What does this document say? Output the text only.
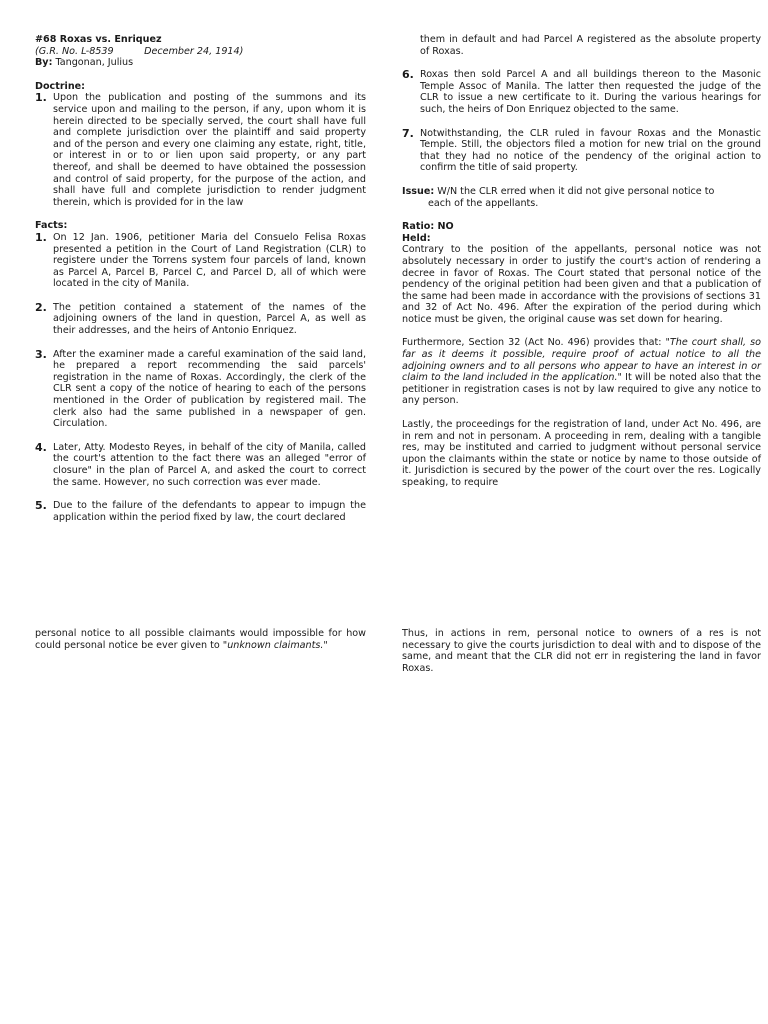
#68 Roxas vs. Enriquez

(G.R. No. L-8539          December 24, 1914)

By: Tangonan, Julius

Doctrine:

1. Upon the publication and posting of the summons and its service upon and mailing to the person, if any, upon whom it is herein directed to be specially served, the court shall have full and complete jurisdiction over the plaintiff and said property and of the person and every one claiming any estate, right, title, or interest in or to or lien upon said property, or any part thereof, and shall be deemed to have obtained the possession and control of said property, for the purpose of the action, and shall have full and complete jurisdiction to render judgment therein, which is provided for in the law

Facts:

1. On 12 Jan. 1906, petitioner Maria del Consuelo Felisa Roxas presented a petition in the Court of Land Registration (CLR) to registere under the Torrens system four parcels of land, known as Parcel A, Parcel B, Parcel C, and Parcel D, all of which were located in the city of Manila.
2. The petition contained a statement of the names of the adjoining owners of the land in question, Parcel A, as well as their addresses, and the heirs of Antonio Enriquez.
3. After the examiner made a careful examination of the said land, he prepared a report recommending the said parcels' registration in the name of Roxas. Accordingly, the clerk of the CLR sent a copy of the notice of hearing to each of the persons mentioned in the Order of publication by registered mail. The clerk also had the same published in a newspaper of gen. Circulation.
4. Later, Atty. Modesto Reyes, in behalf of the city of Manila, called the court's attention to the fact there was an alleged "error of closure" in the plan of Parcel A, and asked the court to correct the same. However, no such correction was ever made.
5. Due to the failure of the defendants to appear to impugn the application within the period fixed by law, the court declared
them in default and had Parcel A registered as the absolute property of Roxas.
6. Roxas then sold Parcel A and all buildings thereon to the Masonic Temple Assoc of Manila. The latter then requested the judge of the CLR to issue a new certificate to it. During the various hearings for such, the heirs of Don Enriquez objected to the same.
7. Notwithstanding, the CLR ruled in favour Roxas and the Monastic Temple. Still, the objectors filed a motion for new trial on the ground that they had no notice of the pendency of the original action to confirm the title of said property.
Issue: W/N the CLR erred when it did not give personal notice to
each of the appellants.

Ratio: NO

Held:

Contrary to the position of the appellants, personal notice was not absolutely necessary in order to justify the court's action of rendering a decree in favor of Roxas. The Court stated that personal notice of the pendency of the original petition had been given and that a publication of the same had been made in accordance with the provisions of sections 31 and 32 of Act No. 496. After the expiration of the period during which notice must be given, the original cause was set down for hearing.

Furthermore, Section 32 (Act No. 496) provides that: "The court shall, so far as it deems it possible, require proof of actual notice to all the adjoining owners and to all persons who appear to have an interest in or claim to the land included in the application." It will be noted also that the petitioner in registration cases is not by law required to give any notice to any person.

Lastly, the proceedings for the registration of land, under Act No. 496, are in rem and not in personam. A proceeding in rem, dealing with a tangible res, may be instituted and carried to judgment without personal service upon the claimants within the state or notice by name to those outside of it. Jurisdiction is secured by the power of the court over the res. Logically speaking, to require

personal notice to all possible claimants would impossible for how could personal notice be ever given to "unknown claimants."

Thus, in actions in rem, personal notice to owners of a res is not necessary to give the courts jurisdiction to deal with and to dispose of the same, and meant that the CLR did not err in registering the land in favor Roxas.
